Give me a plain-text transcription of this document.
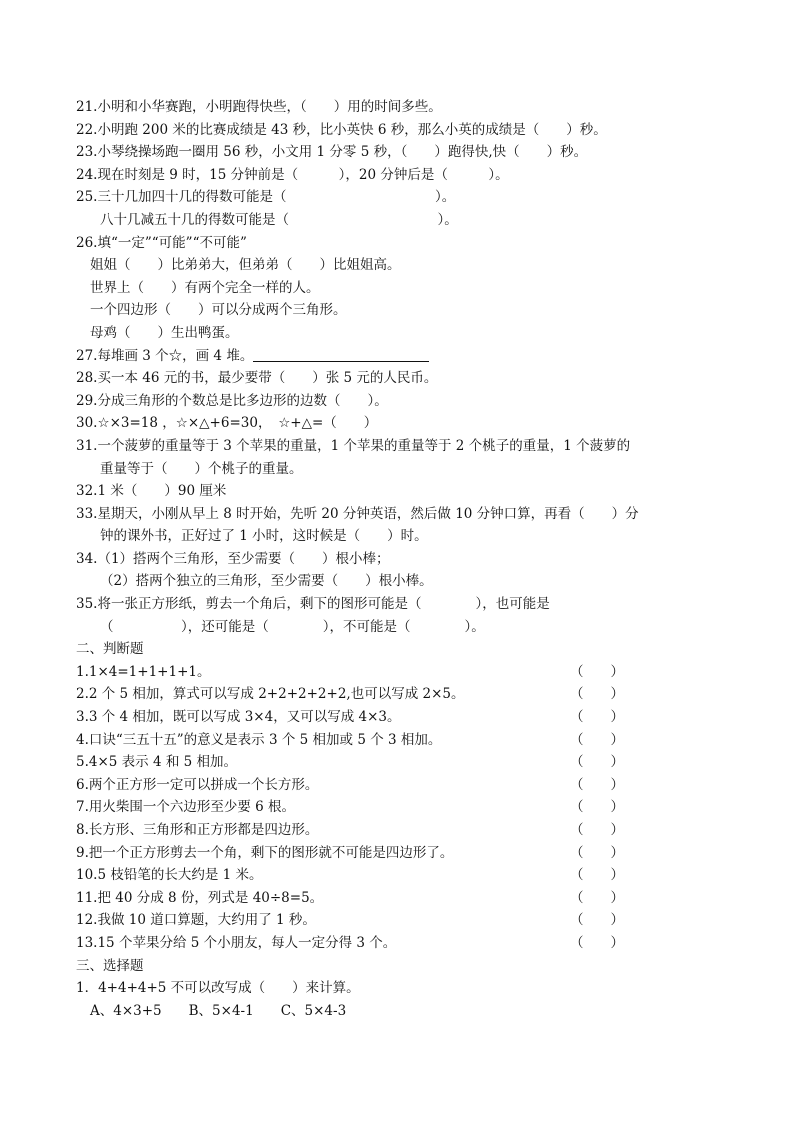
21.小明和小华赛跑，小明跑得快些，（　　）用的时间多些。
22.小明跑 200 米的比赛成绩是 43 秒，比小英快 6 秒，那么小英的成绩是（　　）秒。
23.小琴绕操场跑一圈用 56 秒，小文用 1 分零 5 秒，（　　）跑得快,快（　　）秒。
24.现在时刻是 9 时，15 分钟前是（　　　），20 分钟后是（　　　）。
25.三十几加四十几的得数可能是（　　　　　　　　　　　）。
八十几减五十几的得数可能是（　　　　　　　　　　　）。
26.填“一定”“可能”“不可能”
姐姐（　　）比弟弟大，但弟弟（　　）比姐姐高。
世界上（　　）有两个完全一样的人。
一个四边形（　　）可以分成两个三角形。
母鸡（　　）生出鸭蛋。
27.每堆画 3 个☆，画 4 堆。
28.买一本 46 元的书，最少要带（　　）张 5 元的人民币。
29.分成三角形的个数总是比多边形的边数（　　）。
30.☆×3=18 ，☆×△+6=30，　☆+△=（　　）
31.一个菠萝的重量等于 3 个苹果的重量，1 个苹果的重量等于 2 个桃子的重量，1 个菠萝的
重量等于（　　）个桃子的重量。
32.1 米（　　）90 厘米
33.星期天，小刚从早上 8 时开始，先听 20 分钟英语，然后做 10 分钟口算，再看（　　）分
钟的课外书，正好过了 1 小时，这时候是（　　）时。
34.（1）搭两个三角形，至少需要（　　）根小棒；
（2）搭两个独立的三角形，至少需要（　　）根小棒。
35.将一张正方形纸，剪去一个角后，剩下的图形可能是（　　　　），也可能是
（　　　　　），还可能是（　　　　），不可能是（　　　　）。
二、判断题
1.1×4=1+1+1+1。	（　　）
2.2 个 5 相加，算式可以写成 2+2+2+2+2,也可以写成 2×5。	（　　）
3.3 个 4 相加，既可以写成 3×4，又可以写成 4×3。	（　　）
4.口诀“三五十五”的意义是表示 3 个 5 相加或 5 个 3 相加。	（　　）
5.4×5 表示 4 和 5 相加。	（　　）
6.两个正方形一定可以拼成一个长方形。	（　　）
7.用火柴围一个六边形至少要 6 根。	（　　）
8.长方形、三角形和正方形都是四边形。	（　　）
9.把一个正方形剪去一个角，剩下的图形就不可能是四边形了。	（　　）
10.5 枝铅笔的长大约是 1 米。	（　　）
11.把 40 分成 8 份，列式是 40÷8=5。	（　　）
12.我做 10 道口算题，大约用了 1 秒。	（　　）
13.15 个苹果分给 5 个小朋友，每人一定分得 3 个。	（　　）
三、选择题
1．4+4+4+5 不可以改写成（　　）来计算。
A、4×3+5　　B、5×4-1　　C、5×4-3
